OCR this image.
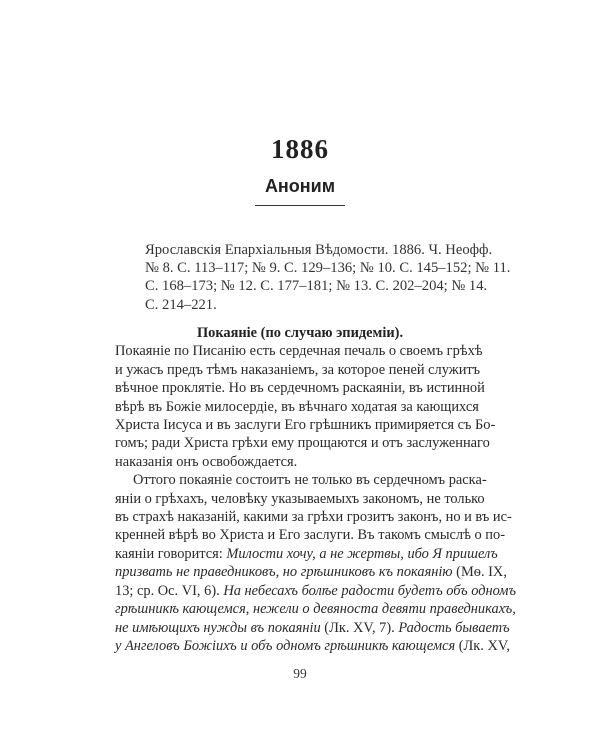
1886
Аноним

Ярославскія Епархіальныя Вѣдомости. 1886. Ч. Неофф.

№ 8. С. 113–117; № 9. С. 129–136; № 10. С. 145–152; № 11.

С. 168–173; № 12. С. 177–181; № 13. С. 202–204; № 14.

С. 214–221.

Покаяніе (по случаю эпидеміи).

Покаяніе по Писанію есть сердечная печаль о своемъ грѣхѣ

и ужасъ предъ тѣмъ наказаніемъ, за которое пеней служитъ

вѣчное проклятіе. Но въ сердечномъ раскаяніи, въ истинной

вѣрѣ въ Божіе милосердіе, въ вѣчнаго ходатая за кающихся

Христа Іисуса и въ заслуги Его грѣшникъ примиряется съ Бо-

гомъ; ради Христа грѣхи ему прощаются и отъ заслуженнаго

наказанія онъ освобождается.

Оттого покаяніе состоитъ не только въ сердечномъ раска-

яніи о грѣхахъ, человѣку указываемыхъ закономъ, не только

въ страхѣ наказаній, какими за грѣхи грозитъ законъ, но и въ ис-

кренней вѣрѣ во Христа и Его заслуги. Въ такомъ смыслѣ о по-

каяніи говорится: Милости хочу, а не жертвы, ибо Я пришелъ

призвать не праведниковъ, но грѣшниковъ къ покаянію (Мѳ. IX,

13; ср. Ос. VI, 6). На небесахъ болѣе радости будетъ объ одномъ

грѣшникѣ кающемся, нежели о девяноста девяти праведникахъ,

не имѣющихъ нужды въ покаяніи (Лк. XV, 7). Радость бываетъ

у Ангеловъ Божіихъ и объ одномъ грѣшникѣ кающемся (Лк. XV,

99
